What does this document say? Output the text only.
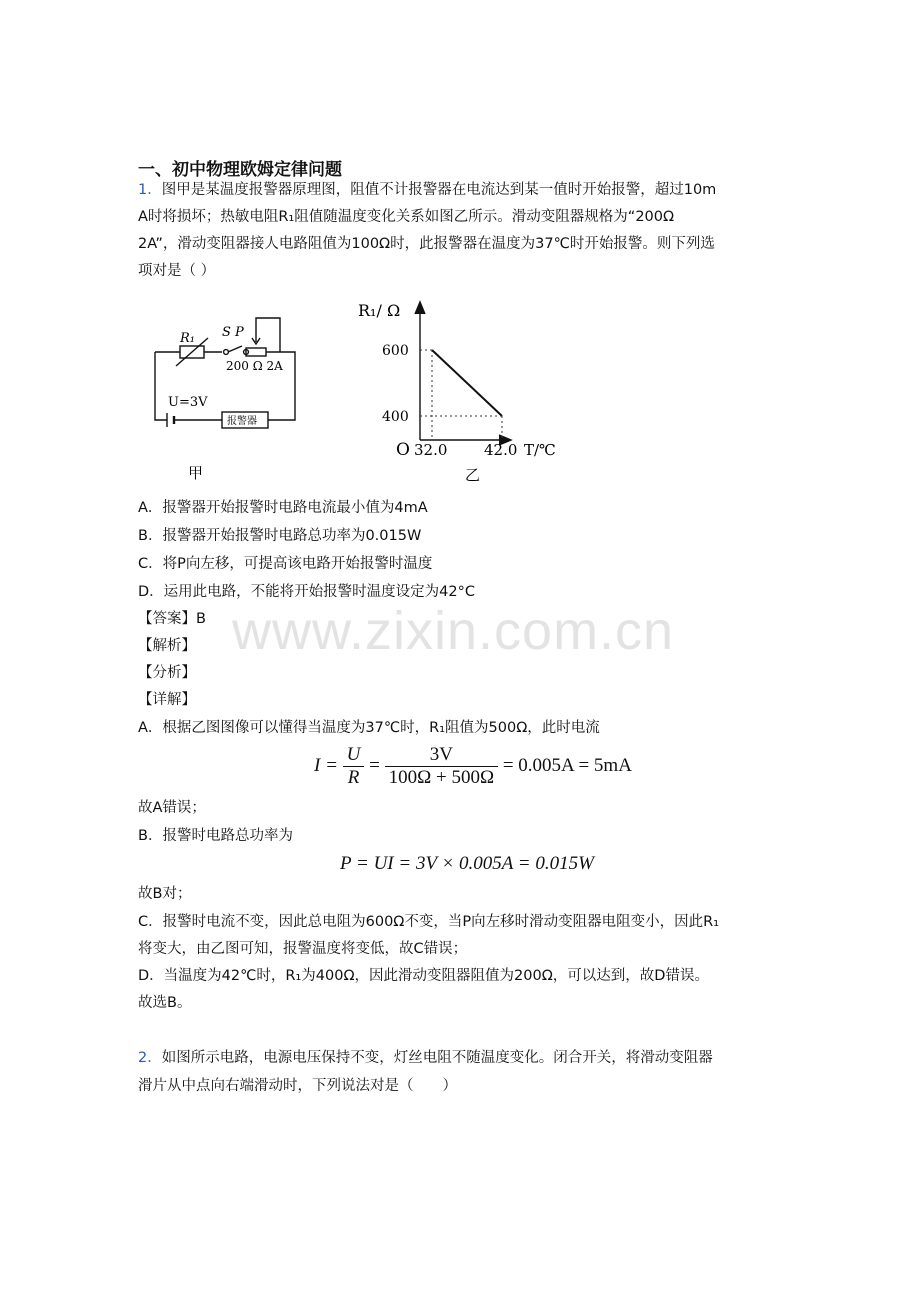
一、初中物理欧姆定律问题
1．图甲是某温度报警器原理图，阻值不计报警器在电流达到某一值时开始报警，超过10m
A时将损坏；热敏电阻R₁阻值随温度变化关系如图乙所示。滑动变阻器规格为“200Ω
2A”，滑动变阻器接人电路阻值为100Ω时，此报警器在温度为37℃时开始报警。则下列选
项对是（ ）
R₁ S P
200 Ω 2A
U=3V
报警器
甲
R₁/ Ω
600
400
O 32.0 42.0 T/℃
乙
A．报警器开始报警时电路电流最小值为4mA
B．报警器开始报警时电路总功率为0.015W
C．将P向左移，可提高该电路开始报警时温度
D．运用此电路，不能将开始报警时温度设定为42°C
www.zixin.com.cn
【答案】B
【解析】
【分析】
【详解】
A．根据乙图图像可以懂得当温度为37℃时，R₁阻值为500Ω，此时电流
$I = \frac{U}{R} = \frac{3V}{100\Omega + 500\Omega} = 0.005A = 5mA$
故A错误；
B．报警时电路总功率为
P = UI = 3V × 0.005A = 0.015W
故B对；
C．报警时电流不变，因此总电阻为600Ω不变，当P向左移时滑动变阻器电阻变小，因此R₁
将变大，由乙图可知，报警温度将变低，故C错误；
D．当温度为42℃时，R₁为400Ω，因此滑动变阻器阻值为200Ω，可以达到，故D错误。
故选B。
2．如图所示电路，电源电压保持不变，灯丝电阻不随温度变化。闭合开关，将滑动变阻器
滑片从中点向右端滑动时，下列说法对是（　　）
